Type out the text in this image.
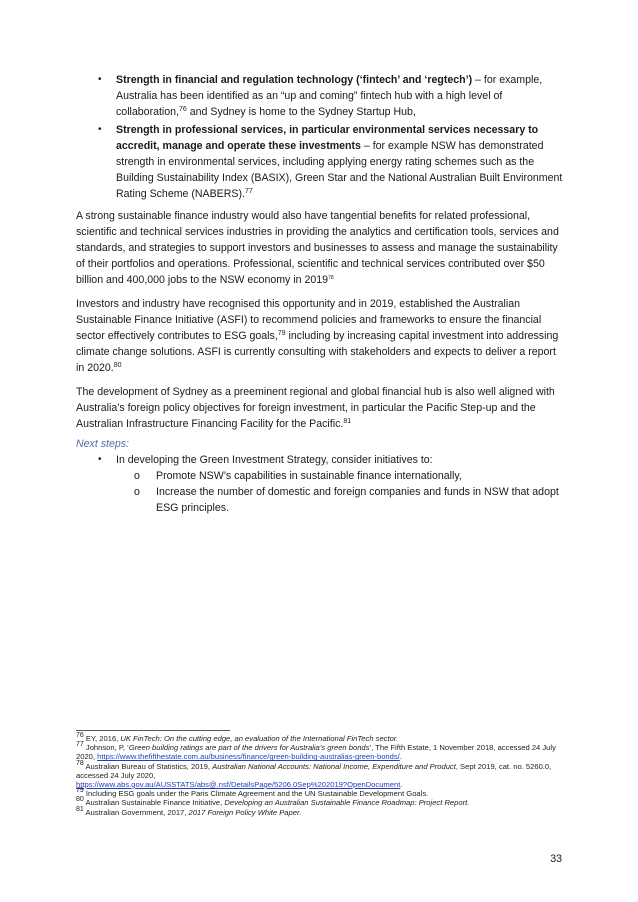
• Strength in financial and regulation technology (‘fintech’ and ‘regtech’) – for example, Australia has been identified as an “up and coming” fintech hub with a high level of collaboration,$^{76}$ and Sydney is home to the Sydney Startup Hub,
• Strength in professional services, in particular environmental services necessary to accredit, manage and operate these investments – for example NSW has demonstrated strength in environmental services, including applying energy rating schemes such as the Building Sustainability Index (BASIX), Green Star and the National Australian Built Environment Rating Scheme (NABERS).$^{77}$

A strong sustainable finance industry would also have tangential benefits for related professional, scientific and technical services industries in providing the analytics and certification tools, services and standards, and strategies to support investors and businesses to assess and manage the sustainability of their portfolios and operations. Professional, scientific and technical services contributed over $50 billion and 400,000 jobs to the NSW economy in 2019$^{78}$

Investors and industry have recognised this opportunity and in 2019, established the Australian Sustainable Finance Initiative (ASFI) to recommend policies and frameworks to ensure the financial sector effectively contributes to ESG goals,$^{79}$ including by increasing capital investment into addressing climate change solutions. ASFI is currently consulting with stakeholders and expects to deliver a report in 2020.80

The development of Sydney as a preeminent regional and global financial hub is also well aligned with Australia’s foreign policy objectives for foreign investment, in particular the Pacific Step-up and the Australian Infrastructure Financing Facility for the Pacific.$^{81}$

Next steps:

• In developing the Green Investment Strategy, consider initiatives to:
o Promote NSW’s capabilities in sustainable finance internationally,
o Increase the number of domestic and foreign companies and funds in NSW that adopt ESG principles.
$^{76}$ EY, 2016, UK FinTech: On the cutting edge, an evaluation of the International FinTech sector.
$^{77}$ Johnson, P, ‘Green building ratings are part of the drivers for Australia’s green bonds’, The Fifth Estate, 1 November 2018, accessed 24 July 2020, https://www.thefifthestate.com.au/business/finance/green-building-australias-green-bonds/.
$^{78}$ Australian Bureau of Statistics, 2019, Australian National Accounts: National Income, Expenditure and Product, Sept 2019, cat. no. 5260.0, accessed 24 July 2020,
https://www.abs.gov.au/AUSSTATS/abs@.nsf/DetailsPage/5206.0Sep%202019?OpenDocument.
$^{79}$ Including ESG goals under the Paris Climate Agreement and the UN Sustainable Development Goals.
$^{80}$ Australian Sustainable Finance Initiative, Developing an Australian Sustainable Finance Roadmap: Project Report.
$^{81}$ Australian Government, 2017, 2017 Foreign Policy White Paper.
33
